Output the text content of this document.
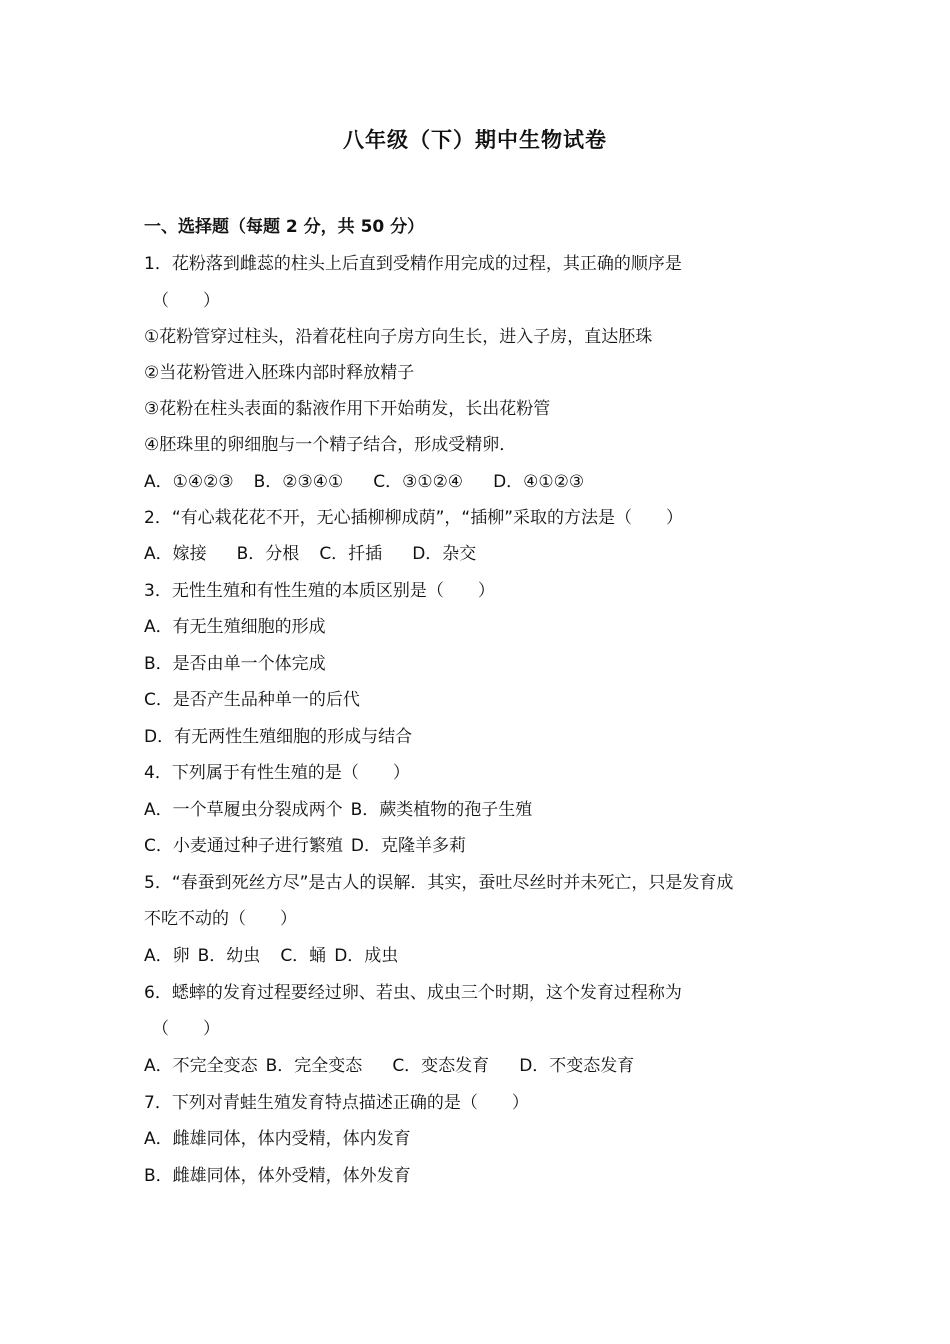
八年级（下）期中生物试卷
一、选择题（每题 2 分，共 50 分）
1．花粉落到雌蕊的柱头上后直到受精作用完成的过程，其正确的顺序是
（　　）
①花粉管穿过柱头，沿着花柱向子房方向生长，进入子房，直达胚珠
②当花粉管进入胚珠内部时释放精子
③花粉在柱头表面的黏液作用下开始萌发，长出花粉管
④胚珠里的卵细胞与一个精子结合，形成受精卵．
A．①④②③ B．②③④① C．③①②④ D．④①②③
2．“有心栽花花不开，无心插柳柳成荫”，“插柳”采取的方法是（　　）
A．嫁接 B．分根 C．扦插 D．杂交
3．无性生殖和有性生殖的本质区别是（　　）
A．有无生殖细胞的形成
B．是否由单一个体完成
C．是否产生品种单一的后代
D．有无两性生殖细胞的形成与结合
4．下列属于有性生殖的是（　　）
A．一个草履虫分裂成两个 B．蕨类植物的孢子生殖
C．小麦通过种子进行繁殖 D．克隆羊多莉
5．“春蚕到死丝方尽”是古人的误解．其实，蚕吐尽丝时并未死亡，只是发育成
不吃不动的（　　）
A．卵 B．幼虫 C．蛹 D．成虫
6．蟋蟀的发育过程要经过卵、若虫、成虫三个时期，这个发育过程称为
（　　）
A．不完全变态 B．完全变态 C．变态发育 D．不变态发育
7．下列对青蛙生殖发育特点描述正确的是（　　）
A．雌雄同体，体内受精，体内发育
B．雌雄同体，体外受精，体外发育
